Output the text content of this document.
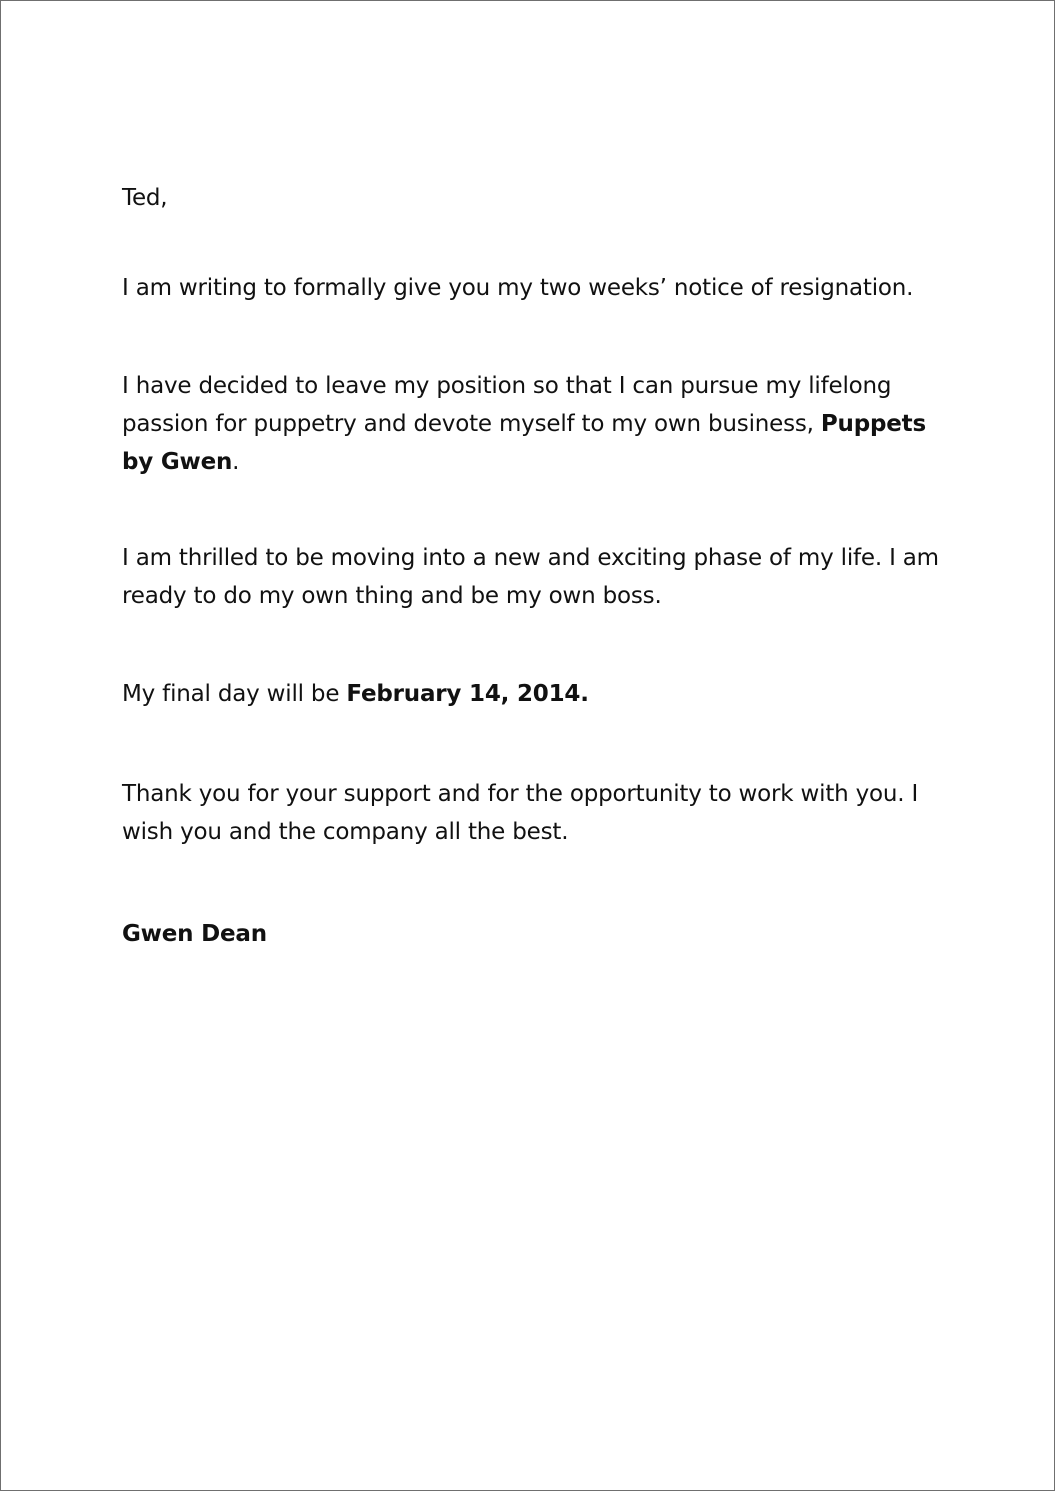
Ted,

I am writing to formally give you my two weeks’ notice of resignation.

I have decided to leave my position so that I can pursue my lifelong passion for puppetry and devote myself to my own business, Puppets by Gwen.

I am thrilled to be moving into a new and exciting phase of my life. I am ready to do my own thing and be my own boss.

My final day will be February 14, 2014.

Thank you for your support and for the opportunity to work with you. I wish you and the company all the best.

Gwen Dean
